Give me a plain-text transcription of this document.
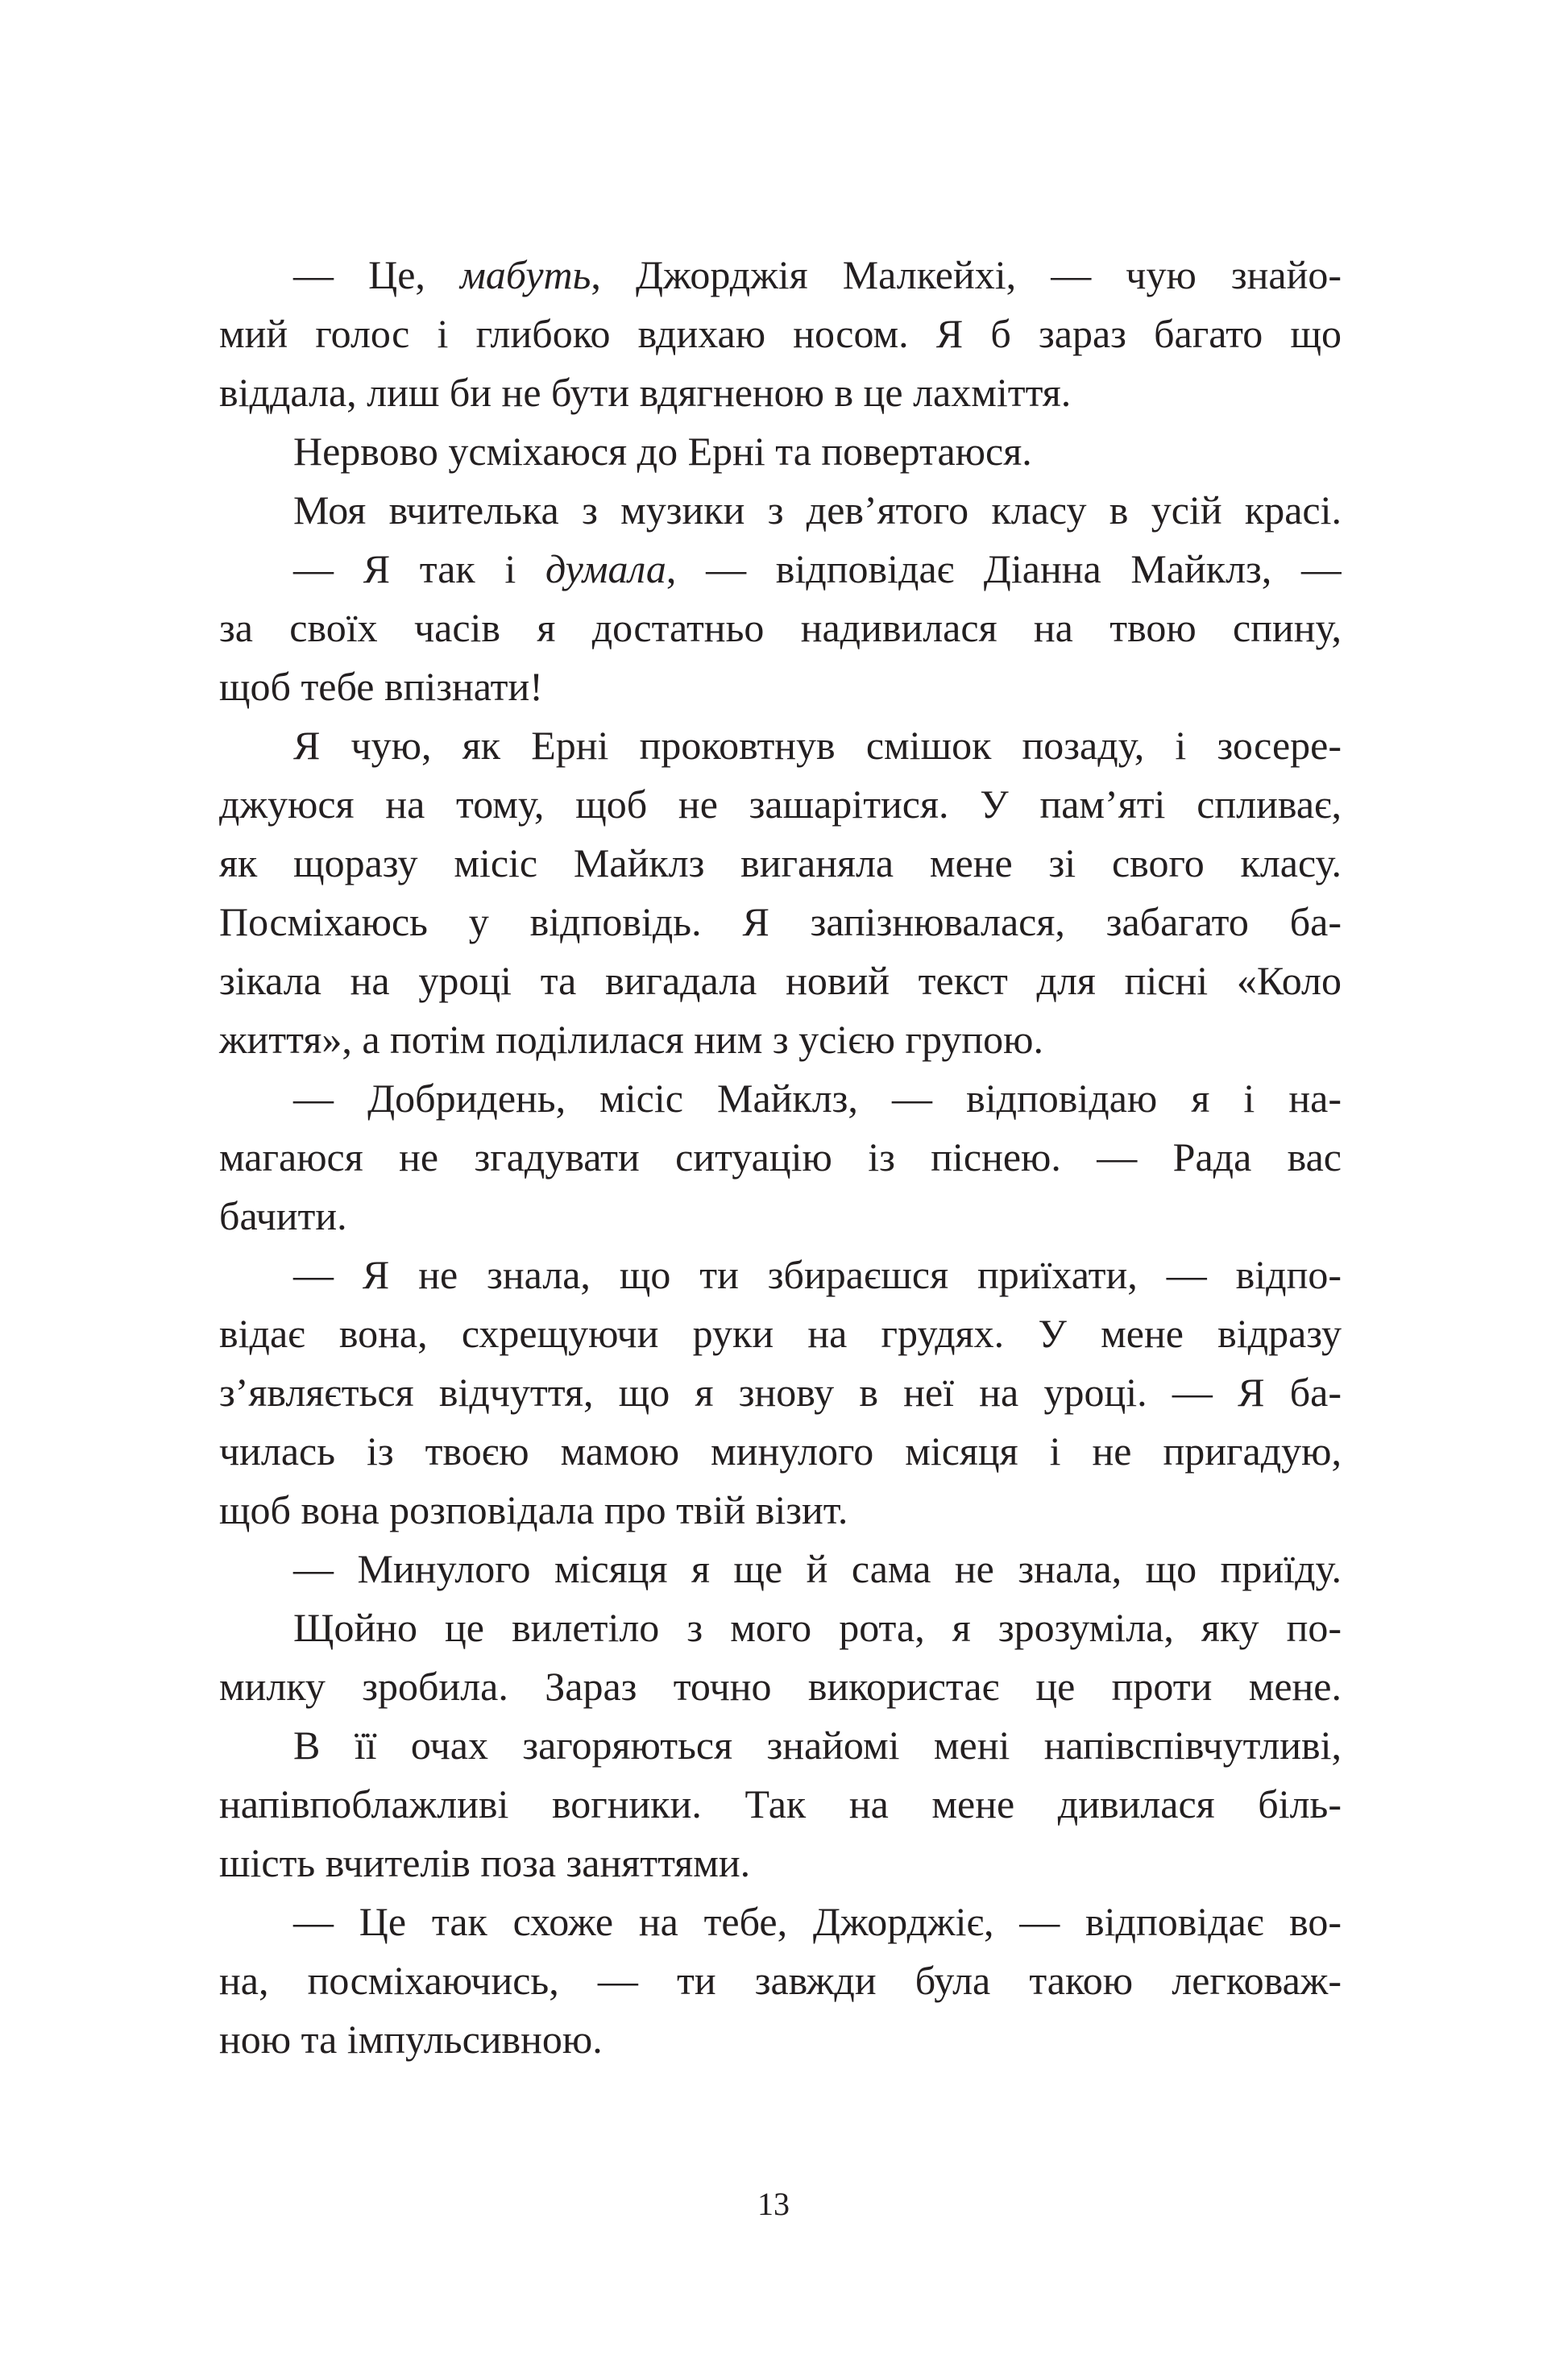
— Це, мабуть, Джорджія Малкейхі, — чую знайо-
мий голос і глибоко вдихаю носом. Я б зараз багато що
віддала, лиш би не бути вдягненою в це лахміття.
Нервово усміхаюся до Ерні та повертаюся.
Моя вчителька з музики з дев’ятого класу в усій красі.
— Я так і думала, — відповідає Діанна Майклз, —
за своїх часів я достатньо надивилася на твою спину,
щоб тебе впізнати!
Я чую, як Ерні проковтнув смішок позаду, і зосере-
джуюся на тому, щоб не зашарітися. У пам’яті спливає,
як щоразу місіс Майклз виганяла мене зі свого класу.
Посміхаюсь у відповідь. Я запізнювалася, забагато ба-
зікала на уроці та вигадала новий текст для пісні «Коло
життя», а потім поділилася ним з усією групою.
— Добридень, місіс Майклз, — відповідаю я і на-
магаюся не згадувати ситуацію із піснею. — Рада вас
бачити.
— Я не знала, що ти збираєшся приїхати, — відпо-
відає вона, схрещуючи руки на грудях. У мене відразу
з’являється відчуття, що я знову в неї на уроці. — Я ба-
чилась із твоєю мамою минулого місяця і не пригадую,
щоб вона розповідала про твій візит.
— Минулого місяця я ще й сама не знала, що приїду.
Щойно це вилетіло з мого рота, я зрозуміла, яку по-
милку зробила. Зараз точно використає це проти мене.
В її очах загоряються знайомі мені напівспівчутливі,
напівпоблажливі вогники. Так на мене дивилася біль-
шість вчителів поза заняттями.
— Це так схоже на тебе, Джорджіє, — відповідає во-
на, посміхаючись, — ти завжди була такою легковаж-
ною та імпульсивною.
13
